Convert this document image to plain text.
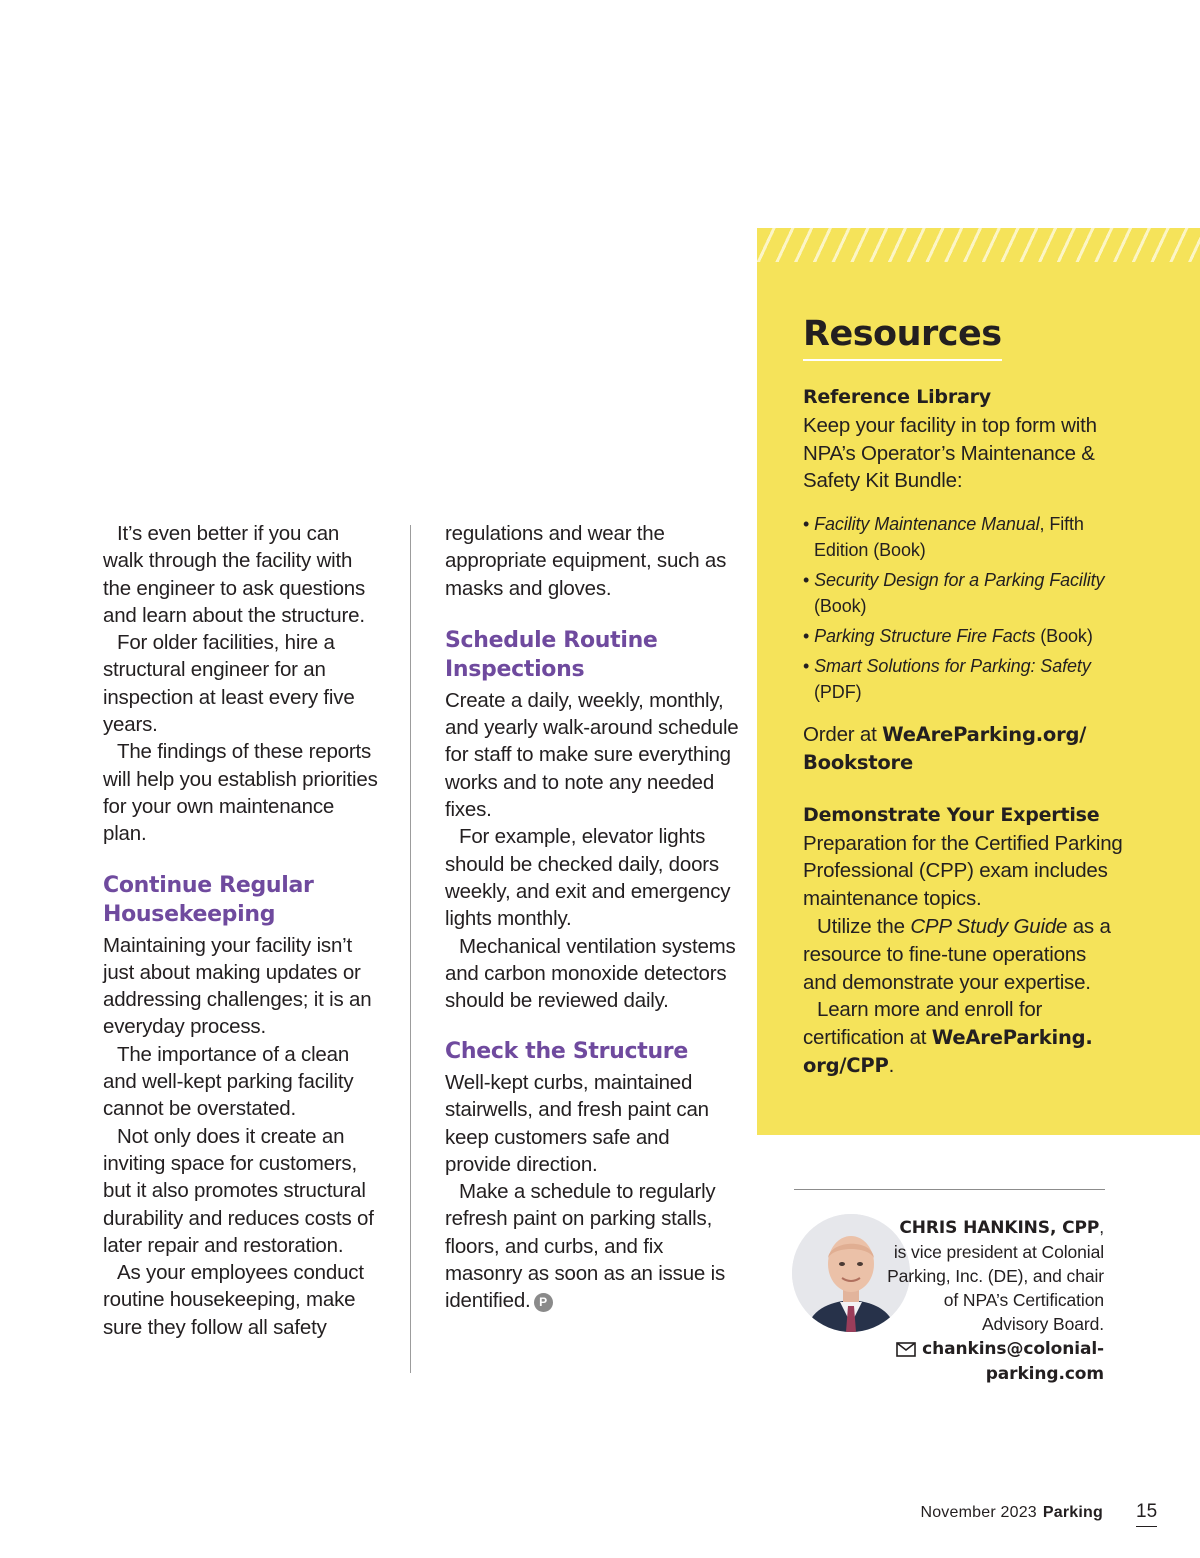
It’s even better if you can walk through the facility with the engineer to ask questions and learn about the structure.

For older facilities, hire a structural engineer for an inspection at least every five years.

The findings of these reports will help you establish priorities for your own maintenance plan.

Continue Regular Housekeeping

Maintaining your facility isn’t just about making updates or addressing challenges; it is an everyday process.

The importance of a clean and well-kept parking facility cannot be overstated.

Not only does it create an inviting space for customers, but it also promotes structural durability and reduces costs of later repair and restoration.

As your employees conduct routine housekeeping, make sure they follow all safety

regulations and wear the appropriate equipment, such as masks and gloves.

Schedule Routine Inspections

Create a daily, weekly, monthly, and yearly walk-around schedule for staff to make sure everything works and to note any needed fixes.

For example, elevator lights should be checked daily, doors weekly, and exit and emergency lights monthly.

Mechanical ventilation systems and carbon monoxide detectors should be reviewed daily.

Check the Structure

Well-kept curbs, maintained stairwells, and fresh paint can keep customers safe and provide direction.

Make a schedule to regularly refresh paint on parking stalls, floors, and curbs, and fix masonry as soon as an issue is identified. P

Resources
Reference Library

Keep your facility in top form with NPA’s Operator’s Maintenance & Safety Kit Bundle:

• Facility Maintenance Manual, Fifth Edition (Book)
• Security Design for a Parking Facility (Book)
• Parking Structure Fire Facts (Book)
• Smart Solutions for Parking: Safety (PDF)

Order at WeAreParking.org/ Bookstore

Demonstrate Your Expertise

Preparation for the Certified Parking Professional (CPP) exam includes maintenance topics.

Utilize the CPP Study Guide as a resource to fine-tune operations and demonstrate your expertise.

Learn more and enroll for certification at WeAreParking. org/CPP.

CHRIS HANKINS, CPP,
is vice president at Colonial Parking, Inc. (DE), and chair of NPA’s Certification Advisory Board.
chankins@colonial-parking.com
November 2023 Parking 15
